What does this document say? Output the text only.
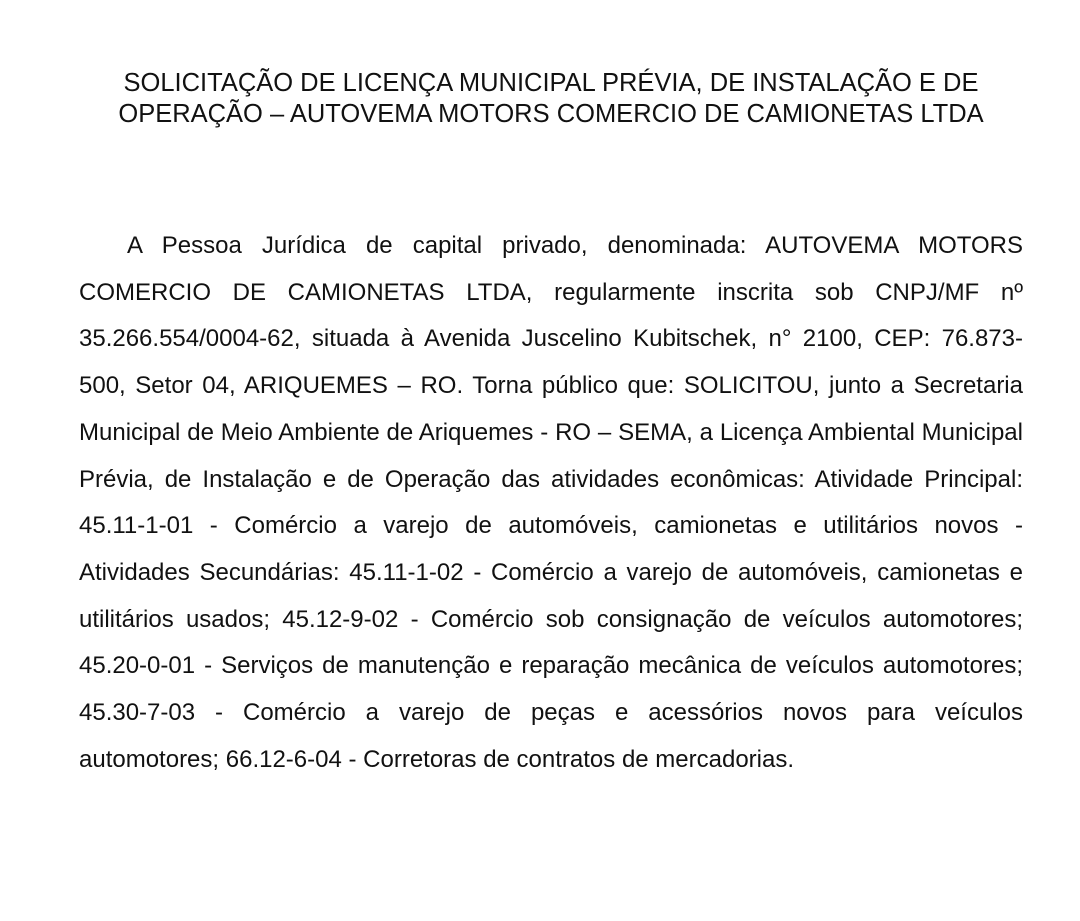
SOLICITAÇÃO DE LICENÇA MUNICIPAL PRÉVIA, DE INSTALAÇÃO E DE
OPERAÇÃO – AUTOVEMA MOTORS COMERCIO DE CAMIONETAS LTDA

A Pessoa Jurídica de capital privado, denominada: AUTOVEMA MOTORS COMERCIO DE CAMIONETAS LTDA, regularmente inscrita sob CNPJ/MF nº 35.266.554/0004-62, situada à Avenida Juscelino Kubitschek, n° 2100, CEP: 76.873-500, Setor 04, ARIQUEMES – RO. Torna público que: SOLICITOU, junto a Secretaria Municipal de Meio Ambiente de Ariquemes - RO – SEMA, a Licença Ambiental Municipal Prévia, de Instalação e de Operação das atividades econômicas: Atividade Principal: 45.11-1-01 - Comércio a varejo de automóveis, camionetas e utilitários novos - Atividades Secundárias: 45.11-1-02 - Comércio a varejo de automóveis, camionetas e utilitários usados; 45.12-9-02 - Comércio sob consignação de veículos automotores; 45.20-0-01 - Serviços de manutenção e reparação mecânica de veículos automotores; 45.30-7-03 - Comércio a varejo de peças e acessórios novos para veículos automotores; 66.12-6-04 - Corretoras de contratos de mercadorias.
